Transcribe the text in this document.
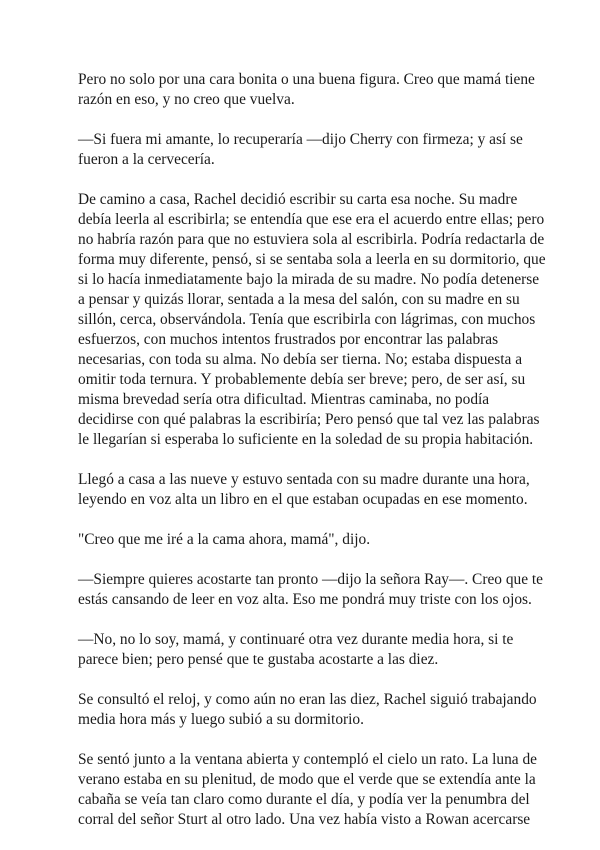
Pero no solo por una cara bonita o una buena figura. Creo que mamá tiene
razón en eso, y no creo que vuelva.
—Si fuera mi amante, lo recuperaría —dijo Cherry con firmeza; y así se
fueron a la cervecería.
De camino a casa, Rachel decidió escribir su carta esa noche. Su madre
debía leerla al escribirla; se entendía que ese era el acuerdo entre ellas; pero
no habría razón para que no estuviera sola al escribirla. Podría redactarla de
forma muy diferente, pensó, si se sentaba sola a leerla en su dormitorio, que
si lo hacía inmediatamente bajo la mirada de su madre. No podía detenerse
a pensar y quizás llorar, sentada a la mesa del salón, con su madre en su
sillón, cerca, observándola. Tenía que escribirla con lágrimas, con muchos
esfuerzos, con muchos intentos frustrados por encontrar las palabras
necesarias, con toda su alma. No debía ser tierna. No; estaba dispuesta a
omitir toda ternura. Y probablemente debía ser breve; pero, de ser así, su
misma brevedad sería otra dificultad. Mientras caminaba, no podía
decidirse con qué palabras la escribiría; Pero pensó que tal vez las palabras
le llegarían si esperaba lo suficiente en la soledad de su propia habitación.
Llegó a casa a las nueve y estuvo sentada con su madre durante una hora,
leyendo en voz alta un libro en el que estaban ocupadas en ese momento.
"Creo que me iré a la cama ahora, mamá", dijo.
—Siempre quieres acostarte tan pronto —dijo la señora Ray—. Creo que te
estás cansando de leer en voz alta. Eso me pondrá muy triste con los ojos.
—No, no lo soy, mamá, y continuaré otra vez durante media hora, si te
parece bien; pero pensé que te gustaba acostarte a las diez.
Se consultó el reloj, y como aún no eran las diez, Rachel siguió trabajando
media hora más y luego subió a su dormitorio.
Se sentó junto a la ventana abierta y contempló el cielo un rato. La luna de
verano estaba en su plenitud, de modo que el verde que se extendía ante la
cabaña se veía tan claro como durante el día, y podía ver la penumbra del
corral del señor Sturt al otro lado. Una vez había visto a Rowan acercarse
